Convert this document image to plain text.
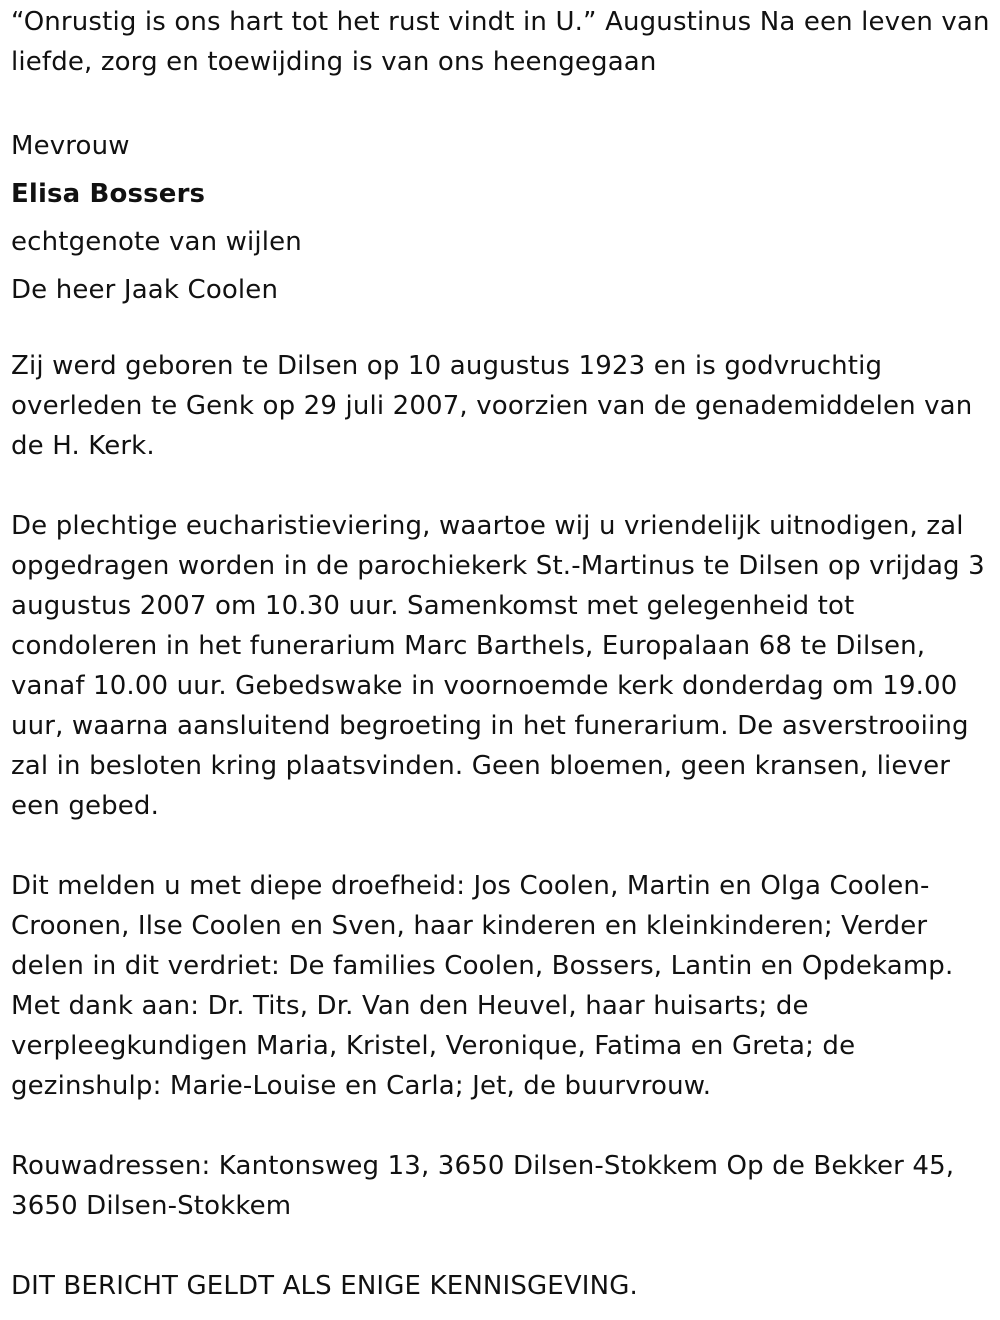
“Onrustig is ons hart tot het rust vindt in U.” Augustinus Na een leven van liefde, zorg en toewijding is van ons heengegaan

Mevrouw

Elisa Bossers

echtgenote van wijlen

De heer Jaak Coolen

Zij werd geboren te Dilsen op 10 augustus 1923 en is godvruchtig overleden te Genk op 29 juli 2007, voorzien van de genademiddelen van de H. Kerk.

De plechtige eucharistieviering, waartoe wij u vriendelijk uitnodigen, zal opgedragen worden in de parochiekerk St.-Martinus te Dilsen op vrijdag 3 augustus 2007 om 10.30 uur. Samenkomst met gelegenheid tot condoleren in het funerarium Marc Barthels, Europalaan 68 te Dilsen, vanaf 10.00 uur. Gebedswake in voornoemde kerk donderdag om 19.00 uur, waarna aansluitend begroeting in het funerarium. De asverstrooiing zal in besloten kring plaatsvinden. Geen bloemen, geen kransen, liever een gebed.

Dit melden u met diepe droefheid: Jos Coolen, Martin en Olga Coolen-Croonen, Ilse Coolen en Sven, haar kinderen en kleinkinderen; Verder delen in dit verdriet: De families Coolen, Bossers, Lantin en Opdekamp. Met dank aan: Dr. Tits, Dr. Van den Heuvel, haar huisarts; de verpleegkundigen Maria, Kristel, Veronique, Fatima en Greta; de gezinshulp: Marie-Louise en Carla; Jet, de buurvrouw.

Rouwadressen: Kantonsweg 13, 3650 Dilsen-Stokkem Op de Bekker 45, 3650 Dilsen-Stokkem

DIT BERICHT GELDT ALS ENIGE KENNISGEVING.
